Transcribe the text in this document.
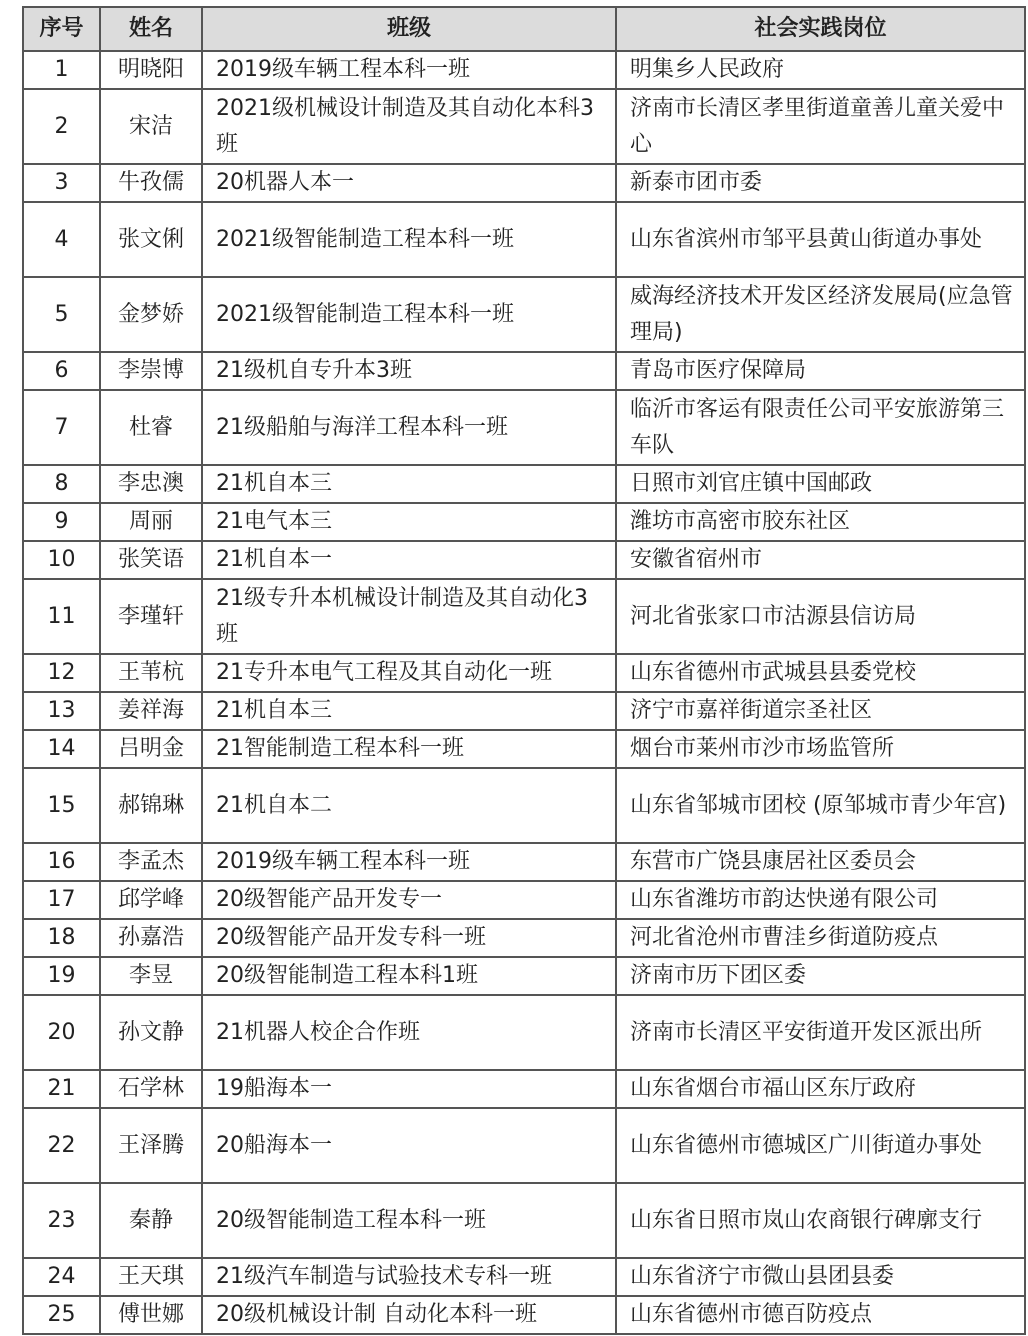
序号	姓名	班级	社会实践岗位
1	明晓阳	2019级车辆工程本科一班	明集乡人民政府
2	宋洁	2021级机械设计制造及其自动化本科3班	济南市长清区孝里街道童善儿童关爱中心
3	牛孜儒	20机器人本一	新泰市团市委
4	张文俐	2021级智能制造工程本科一班	山东省滨州市邹平县黄山街道办事处
5	金梦娇	2021级智能制造工程本科一班	威海经济技术开发区经济发展局(应急管理局)
6	李崇博	21级机自专升本3班	青岛市医疗保障局
7	杜睿	21级船舶与海洋工程本科一班	临沂市客运有限责任公司平安旅游第三车队
8	李忠澳	21机自本三	日照市刘官庄镇中国邮政
9	周丽	21电气本三	潍坊市高密市胶东社区
10	张笑语	21机自本一	安徽省宿州市
11	李瑾轩	21级专升本机械设计制造及其自动化3班	河北省张家口市沽源县信访局
12	王苇杭	21专升本电气工程及其自动化一班	山东省德州市武城县县委党校
13	姜祥海	21机自本三	济宁市嘉祥街道宗圣社区
14	吕明金	21智能制造工程本科一班	烟台市莱州市沙市场监管所
15	郝锦琳	21机自本二	山东省邹城市团校 (原邹城市青少年宫)
16	李孟杰	2019级车辆工程本科一班	东营市广饶县康居社区委员会
17	邱学峰	20级智能产品开发专一	山东省潍坊市韵达快递有限公司
18	孙嘉浩	20级智能产品开发专科一班	河北省沧州市曹洼乡街道防疫点
19	李昱	20级智能制造工程本科1班	济南市历下团区委
20	孙文静	21机器人校企合作班	济南市长清区平安街道开发区派出所
21	石学林	19船海本一	山东省烟台市福山区东厅政府
22	王泽腾	20船海本一	山东省德州市德城区广川街道办事处
23	秦静	20级智能制造工程本科一班	山东省日照市岚山农商银行碑廓支行
24	王天琪	21级汽车制造与试验技术专科一班	山东省济宁市微山县团县委
25	傅世娜	20级机械设计制 自动化本科一班	山东省德州市德百防疫点
